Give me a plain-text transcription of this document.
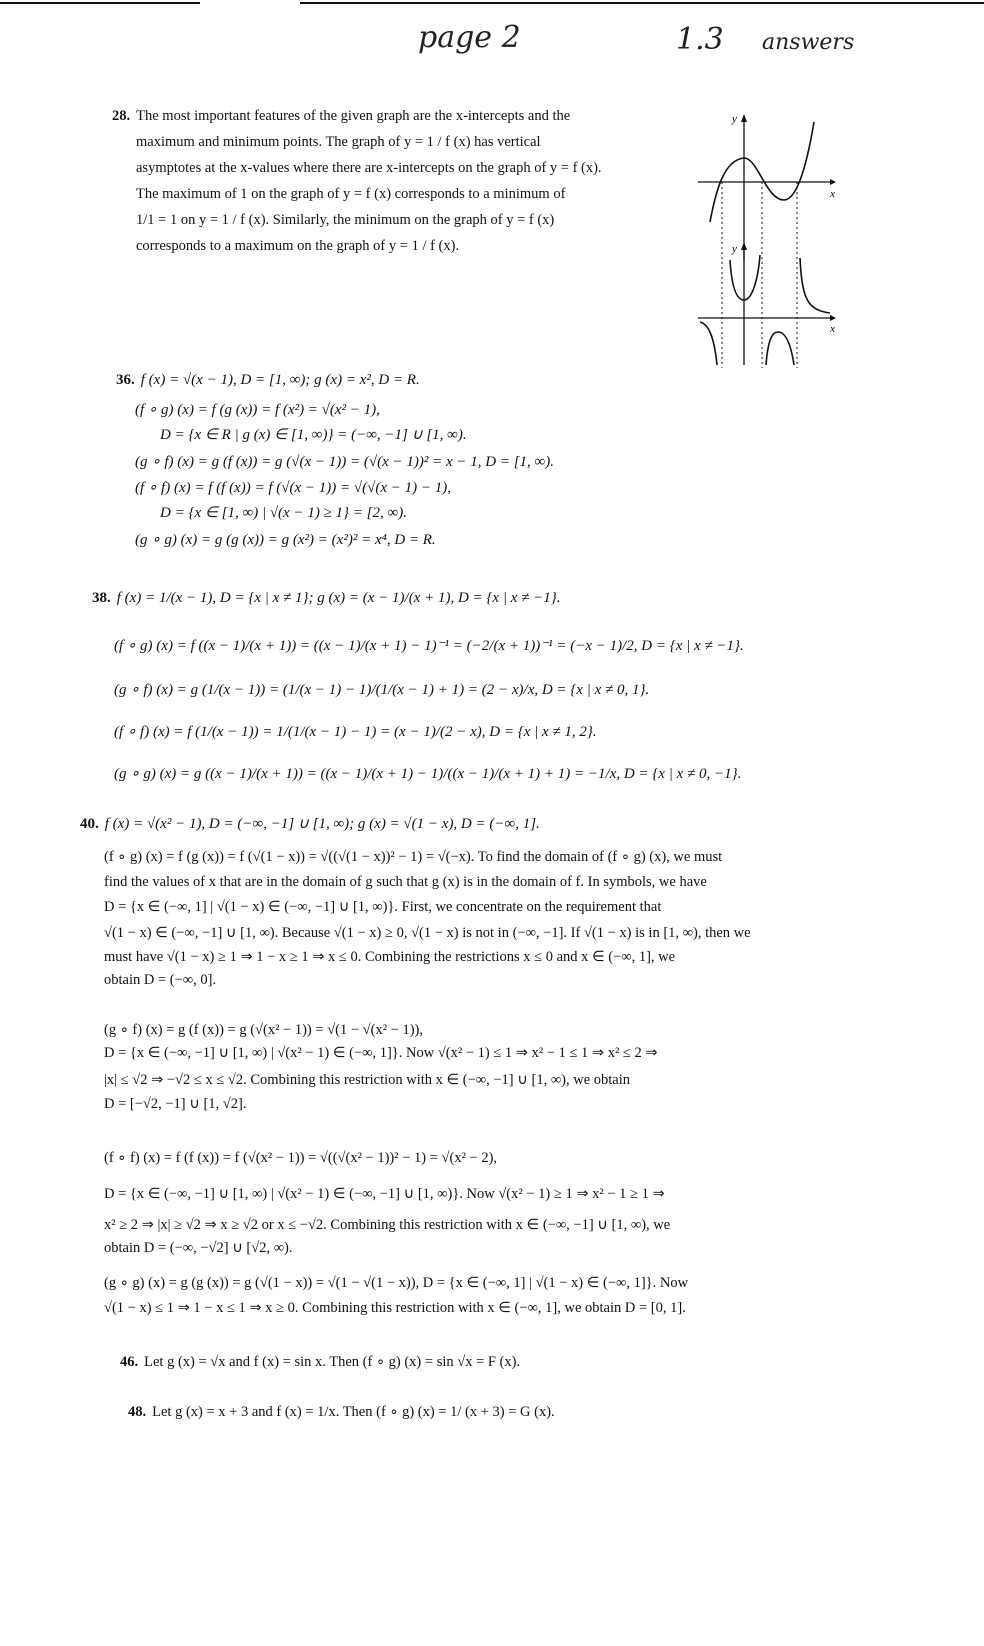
page 2	1.3 answers
28. The most important features of the given graph are the x-intercepts and the
maximum and minimum points. The graph of y = 1 / f (x) has vertical
asymptotes at the x-values where there are x-intercepts on the graph of y = f (x).
The maximum of 1 on the graph of y = f (x) corresponds to a minimum of
1/1 = 1 on y = 1 / f (x). Similarly, the minimum on the graph of y = f (x)
corresponds to a maximum on the graph of y = 1 / f (x).
y
x
y
x
36. f (x) = √(x − 1), D = [1, ∞); g (x) = x², D = R.
(f ∘ g) (x) = f (g (x)) = f (x²) = √(x² − 1),
D = {x ∈ R | g (x) ∈ [1, ∞)} = (−∞, −1] ∪ [1, ∞).
(g ∘ f) (x) = g (f (x)) = g (√(x − 1)) = (√(x − 1))² = x − 1, D = [1, ∞).
(f ∘ f) (x) = f (f (x)) = f (√(x − 1)) = √(√(x − 1) − 1),
D = {x ∈ [1, ∞) | √(x − 1) ≥ 1} = [2, ∞).
(g ∘ g) (x) = g (g (x)) = g (x²) = (x²)² = x⁴, D = R.
38. f (x) = 1/(x − 1), D = {x | x ≠ 1}; g (x) = (x − 1)/(x + 1), D = {x | x ≠ −1}.
(f ∘ g) (x) = f ((x − 1)/(x + 1)) = ((x − 1)/(x + 1) − 1)⁻¹ = (−2/(x + 1))⁻¹ = (−x − 1)/2, D = {x | x ≠ −1}.
(g ∘ f) (x) = g (1/(x − 1)) = (1/(x − 1) − 1)/(1/(x − 1) + 1) = (2 − x)/x, D = {x | x ≠ 0, 1}.
(f ∘ f) (x) = f (1/(x − 1)) = 1/(1/(x − 1) − 1) = (x − 1)/(2 − x), D = {x | x ≠ 1, 2}.
(g ∘ g) (x) = g ((x − 1)/(x + 1)) = ((x − 1)/(x + 1) − 1)/((x − 1)/(x + 1) + 1) = −1/x, D = {x | x ≠ 0, −1}.
40. f (x) = √(x² − 1), D = (−∞, −1] ∪ [1, ∞); g (x) = √(1 − x), D = (−∞, 1].
(f ∘ g) (x) = f (g (x)) = f (√(1 − x)) = √((√(1 − x))² − 1) = √(−x). To find the domain of (f ∘ g) (x), we must
find the values of x that are in the domain of g such that g (x) is in the domain of f. In symbols, we have
D = {x ∈ (−∞, 1] | √(1 − x) ∈ (−∞, −1] ∪ [1, ∞)}. First, we concentrate on the requirement that
√(1 − x) ∈ (−∞, −1] ∪ [1, ∞). Because √(1 − x) ≥ 0, √(1 − x) is not in (−∞, −1]. If √(1 − x) is in [1, ∞), then we
must have √(1 − x) ≥ 1 ⇒ 1 − x ≥ 1 ⇒ x ≤ 0. Combining the restrictions x ≤ 0 and x ∈ (−∞, 1], we
obtain D = (−∞, 0].
(g ∘ f) (x) = g (f (x)) = g (√(x² − 1)) = √(1 − √(x² − 1)),
D = {x ∈ (−∞, −1] ∪ [1, ∞) | √(x² − 1) ∈ (−∞, 1]}. Now √(x² − 1) ≤ 1 ⇒ x² − 1 ≤ 1 ⇒ x² ≤ 2 ⇒
|x| ≤ √2 ⇒ −√2 ≤ x ≤ √2. Combining this restriction with x ∈ (−∞, −1] ∪ [1, ∞), we obtain
D = [−√2, −1] ∪ [1, √2].
(f ∘ f) (x) = f (f (x)) = f (√(x² − 1)) = √((√(x² − 1))² − 1) = √(x² − 2),
D = {x ∈ (−∞, −1] ∪ [1, ∞) | √(x² − 1) ∈ (−∞, −1] ∪ [1, ∞)}. Now √(x² − 1) ≥ 1 ⇒ x² − 1 ≥ 1 ⇒
x² ≥ 2 ⇒ |x| ≥ √2 ⇒ x ≥ √2 or x ≤ −√2. Combining this restriction with x ∈ (−∞, −1] ∪ [1, ∞), we
obtain D = (−∞, −√2] ∪ [√2, ∞).
(g ∘ g) (x) = g (g (x)) = g (√(1 − x)) = √(1 − √(1 − x)), D = {x ∈ (−∞, 1] | √(1 − x) ∈ (−∞, 1]}. Now
√(1 − x) ≤ 1 ⇒ 1 − x ≤ 1 ⇒ x ≥ 0. Combining this restriction with x ∈ (−∞, 1], we obtain D = [0, 1].
46. Let g (x) = √x and f (x) = sin x. Then (f ∘ g) (x) = sin √x = F (x).
48. Let g (x) = x + 3 and f (x) = 1/x. Then (f ∘ g) (x) = 1/ (x + 3) = G (x).
